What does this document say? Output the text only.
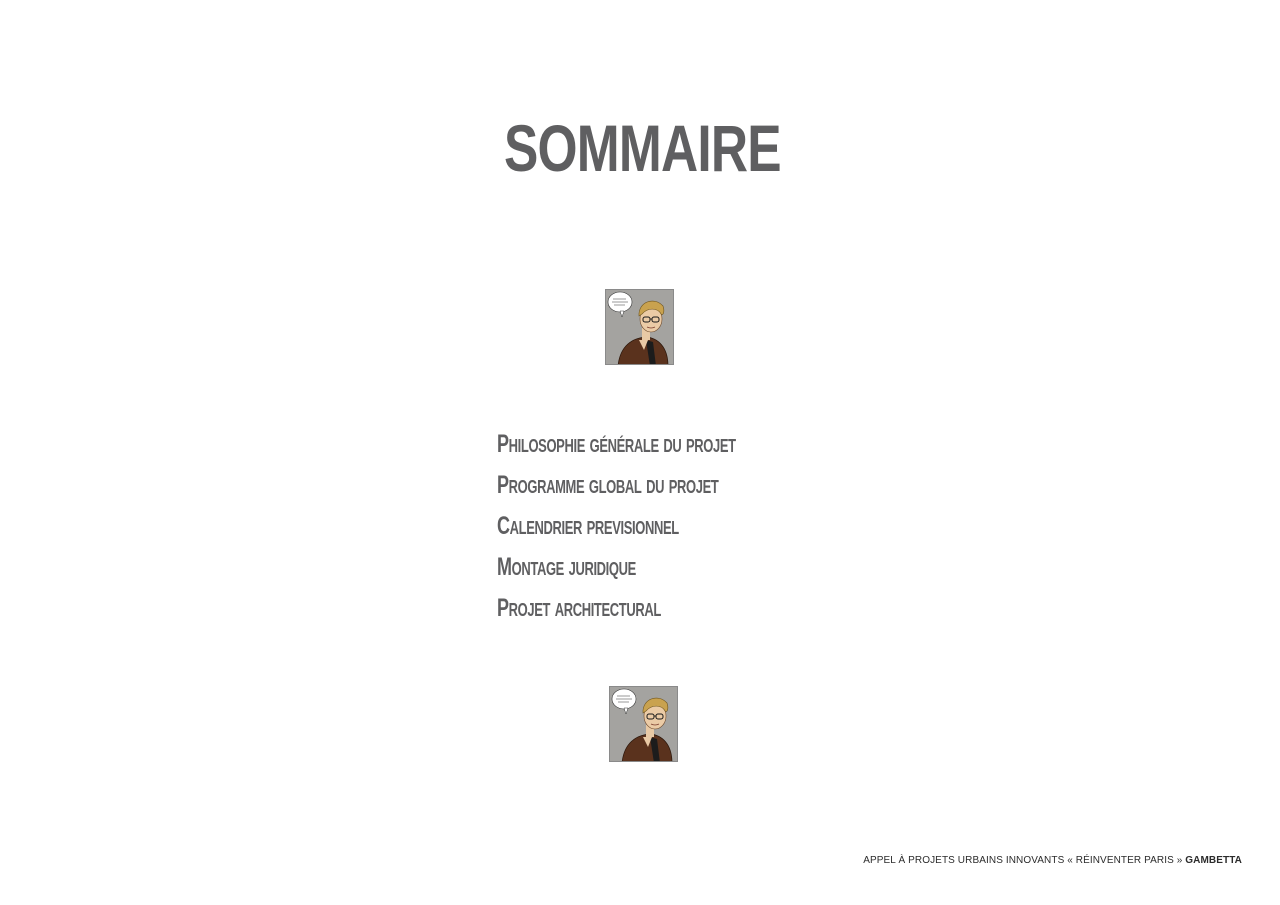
SOMMAIRE
Philosophie générale du projet
Programme global du projet
Calendrier previsionnel
Montage juridique
Projet architectural
APPEL À PROJETS URBAINS INNOVANTS « RÉINVENTER PARIS » GAMBETTA
